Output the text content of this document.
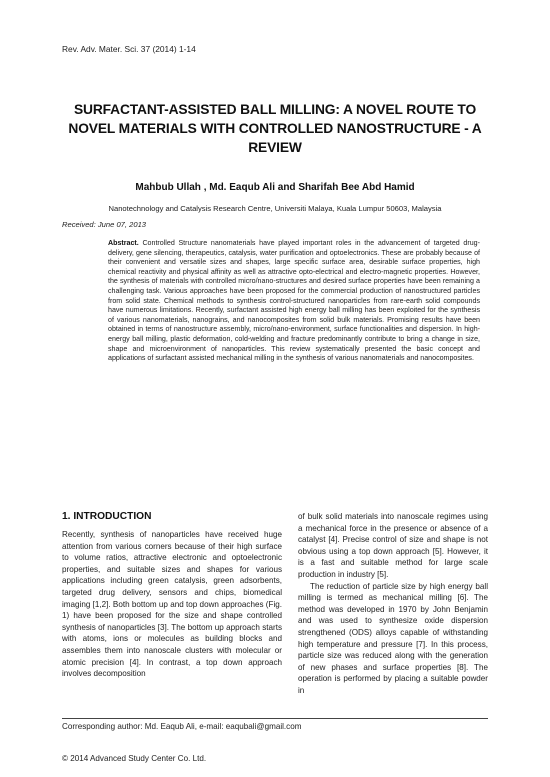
Rev. Adv. Mater. Sci. 37 (2014) 1-14
SURFACTANT-ASSISTED BALL MILLING: A NOVEL ROUTE TO NOVEL MATERIALS WITH CONTROLLED NANOSTRUCTURE - A REVIEW
Mahbub Ullah , Md. Eaqub Ali and Sharifah Bee Abd Hamid
Nanotechnology and Catalysis Research Centre, Universiti Malaya, Kuala Lumpur 50603, Malaysia
Received: June 07, 2013
Abstract. Controlled Structure nanomaterials have played important roles in the advancement of targeted drug-delivery, gene silencing, therapeutics, catalysis, water purification and optoelectronics. These are probably because of their convenient and versatile sizes and shapes, large specific surface area, desirable surface properties, high chemical reactivity and physical affinity as well as attractive opto-electrical and electro-magnetic properties. However, the synthesis of materials with controlled micro/nano-structures and desired surface properties have been remaining a challenging task. Various approaches have been proposed for the commercial production of nanostructured particles from solid state. Chemical methods to synthesis control-structured nanoparticles from rare-earth solid compounds have numerous limitations. Recently, surfactant assisted high energy ball milling has been exploited for the synthesis of various nanomaterials, nanograins, and nanocomposites from solid bulk materials. Promising results have been obtained in terms of nanostructure assembly, micro/nano-environment, surface functionalities and dispersion. In high-energy ball milling, plastic deformation, cold-welding and fracture predominantly contribute to bring a change in size, shape and microenvironment of nanoparticles. This review systematically presented the basic concept and applications of surfactant assisted mechanical milling in the synthesis of various nanomaterials and nanocomposites.
1. INTRODUCTION
Recently, synthesis of nanoparticles have received huge attention from various corners because of their high surface to volume ratios, attractive electronic and optoelectronic properties, and suitable sizes and shapes for various applications including green catalysis, green adsorbents, targeted drug delivery, sensors and chips, biomedical imaging [1,2]. Both bottom up and top down approaches (Fig. 1) have been proposed for the size and shape controlled synthesis of nanoparticles [3]. The bottom up approach starts with atoms, ions or molecules as building blocks and assembles them into nanoscale clusters with molecular or atomic precision [4]. In contrast, a top down approach involves decomposition

of bulk solid materials into nanoscale regimes using a mechanical force in the presence or absence of a catalyst [4]. Precise control of size and shape is not obvious using a top down approach [5]. However, it is a fast and suitable method for large scale production in industry [5].

The reduction of particle size by high energy ball milling is termed as mechanical milling [6]. The method was developed in 1970 by John Benjamin and was used to synthesize oxide dispersion strengthened (ODS) alloys capable of withstanding high temperature and pressure [7]. In this process, particle size was reduced along with the generation of new phases and surface properties [8]. The operation is performed by placing a suitable powder in

Corresponding author: Md. Eaqub Ali, e-mail: eaqubali@gmail.com
© 2014 Advanced Study Center Co. Ltd.
